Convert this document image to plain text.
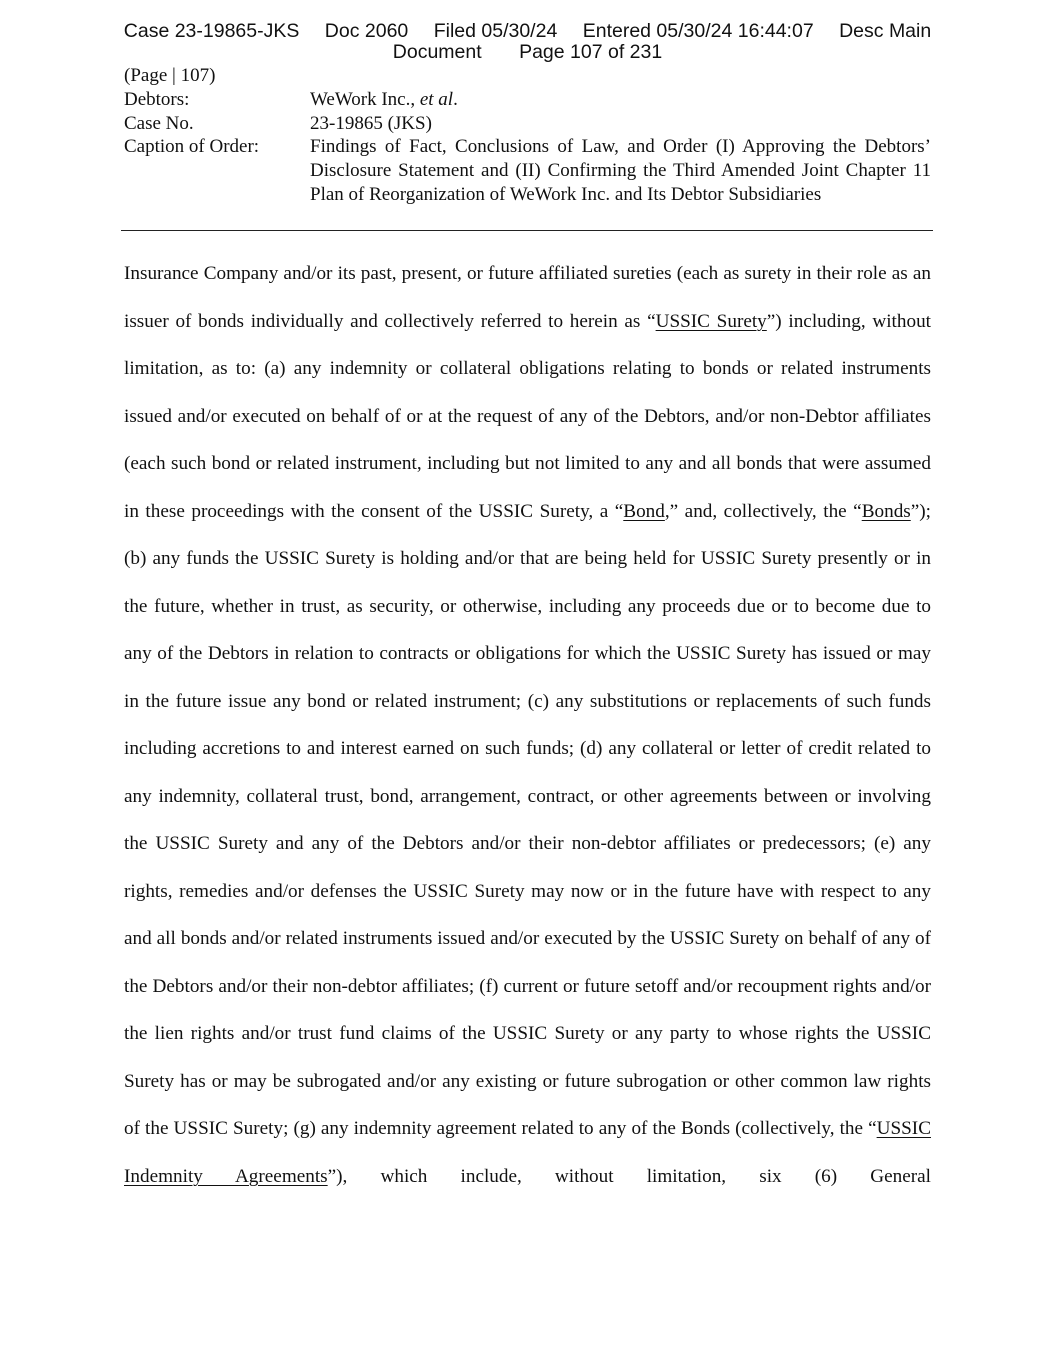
Case 23-19865-JKS Doc 2060 Filed 05/30/24 Entered 05/30/24 16:44:07 Desc Main
Document Page 107 of 231
(Page | 107)
Debtors:	WeWork Inc., et al.
Case No.	23-19865 (JKS)
Caption of Order:	Findings of Fact, Conclusions of Law, and Order (I) Approving the Debtors’ Disclosure Statement and (II) Confirming the Third Amended Joint Chapter 11 Plan of Reorganization of WeWork Inc. and Its Debtor Subsidiaries

Insurance Company and/or its past, present, or future affiliated sureties (each as surety in their role as an issuer of bonds individually and collectively referred to herein as “USSIC Surety”) including, without limitation, as to: (a) any indemnity or collateral obligations relating to bonds or related instruments issued and/or executed on behalf of or at the request of any of the Debtors, and/or non-Debtor affiliates (each such bond or related instrument, including but not limited to any and all bonds that were assumed in these proceedings with the consent of the USSIC Surety, a “Bond,” and, collectively, the “Bonds”); (b) any funds the USSIC Surety is holding and/or that are being held for USSIC Surety presently or in the future, whether in trust, as security, or otherwise, including any proceeds due or to become due to any of the Debtors in relation to contracts or obligations for which the USSIC Surety has issued or may in the future issue any bond or related instrument; (c) any substitutions or replacements of such funds including accretions to and interest earned on such funds; (d) any collateral or letter of credit related to any indemnity, collateral trust, bond, arrangement, contract, or other agreements between or involving the USSIC Surety and any of the Debtors and/or their non-debtor affiliates or predecessors; (e) any rights, remedies and/or defenses the USSIC Surety may now or in the future have with respect to any and all bonds and/or related instruments issued and/or executed by the USSIC Surety on behalf of any of the Debtors and/or their non-debtor affiliates; (f) current or future setoff and/or recoupment rights and/or the lien rights and/or trust fund claims of the USSIC Surety or any party to whose rights the USSIC Surety has or may be subrogated and/or any existing or future subrogation or other common law rights of the USSIC Surety; (g) any indemnity agreement related to any of the Bonds (collectively, the “USSIC Indemnity Agreements”), which include, without limitation, six (6) General
